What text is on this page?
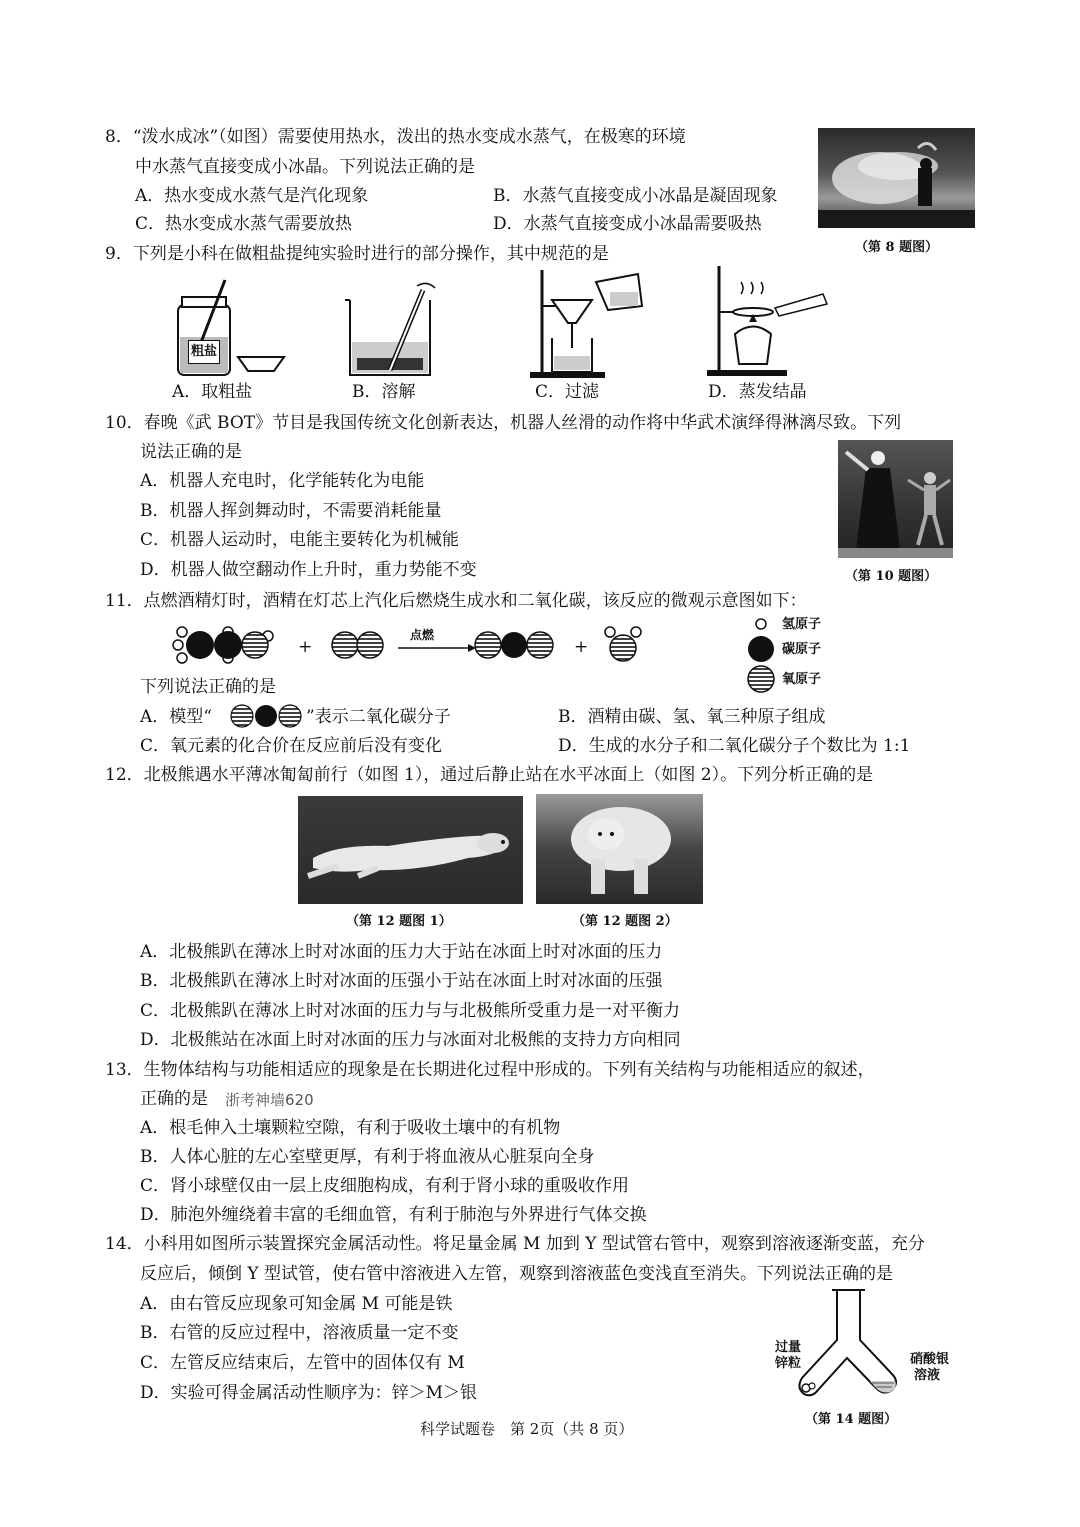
8．“泼水成冰”（如图）需要使用热水，泼出的热水变成水蒸气，在极寒的环境
中水蒸气直接变成小冰晶。下列说法正确的是
A．热水变成水蒸气是汽化现象	B．水蒸气直接变成小冰晶是凝固现象
C．热水变成水蒸气需要放热	D．水蒸气直接变成小冰晶需要吸热
（第 8 题图）
9．下列是小科在做粗盐提纯实验时进行的部分操作，其中规范的是
粗盐
A．取粗盐	B．溶解	C．过滤	D．蒸发结晶
10．春晚《武 BOT》节目是我国传统文化创新表达，机器人丝滑的动作将中华武术演绎得淋漓尽致。下列
说法正确的是
A．机器人充电时，化学能转化为电能
B．机器人挥剑舞动时，不需要消耗能量
C．机器人运动时，电能主要转化为机械能
D．机器人做空翻动作上升时，重力势能不变	（第 10 题图）
11．点燃酒精灯时，酒精在灯芯上汽化后燃烧生成水和二氧化碳，该反应的微观示意图如下：
+	+
点燃
氢原子
碳原子
氧原子
下列说法正确的是
A．模型“	”表示二氧化碳分子	B．酒精由碳、氢、氧三种原子组成
C．氧元素的化合价在反应前后没有变化	D．生成的水分子和二氧化碳分子个数比为 1:1
12．北极熊遇水平薄冰匍匐前行（如图 1），通过后静止站在水平冰面上（如图 2）。下列分析正确的是
（第 12 题图 1）	（第 12 题图 2）
A．北极熊趴在薄冰上时对冰面的压力大于站在冰面上时对冰面的压力
B．北极熊趴在薄冰上时对冰面的压强小于站在冰面上时对冰面的压强
C．北极熊趴在薄冰上时对冰面的压力与与北极熊所受重力是一对平衡力
D．北极熊站在冰面上时对冰面的压力与冰面对北极熊的支持力方向相同
13．生物体结构与功能相适应的现象是在长期进化过程中形成的。下列有关结构与功能相适应的叙述，
正确的是 浙考神墙620
A．根毛伸入土壤颗粒空隙，有利于吸收土壤中的有机物
B．人体心脏的左心室壁更厚，有利于将血液从心脏泵向全身
C．肾小球壁仅由一层上皮细胞构成，有利于肾小球的重吸收作用
D．肺泡外缠绕着丰富的毛细血管，有利于肺泡与外界进行气体交换
14．小科用如图所示装置探究金属活动性。将足量金属 M 加到 Y 型试管右管中，观察到溶液逐渐变蓝，充分
反应后，倾倒 Y 型试管，使右管中溶液进入左管，观察到溶液蓝色变浅直至消失。下列说法正确的是
A．由右管反应现象可知金属 M 可能是铁
B．右管的反应过程中，溶液质量一定不变
C．左管反应结束后，左管中的固体仅有 M
D．实验可得金属活动性顺序为：锌＞M＞银
过量
锌粒	硝酸银
溶液
（第 14 题图）
科学试题卷　第 2页（共 8 页）
